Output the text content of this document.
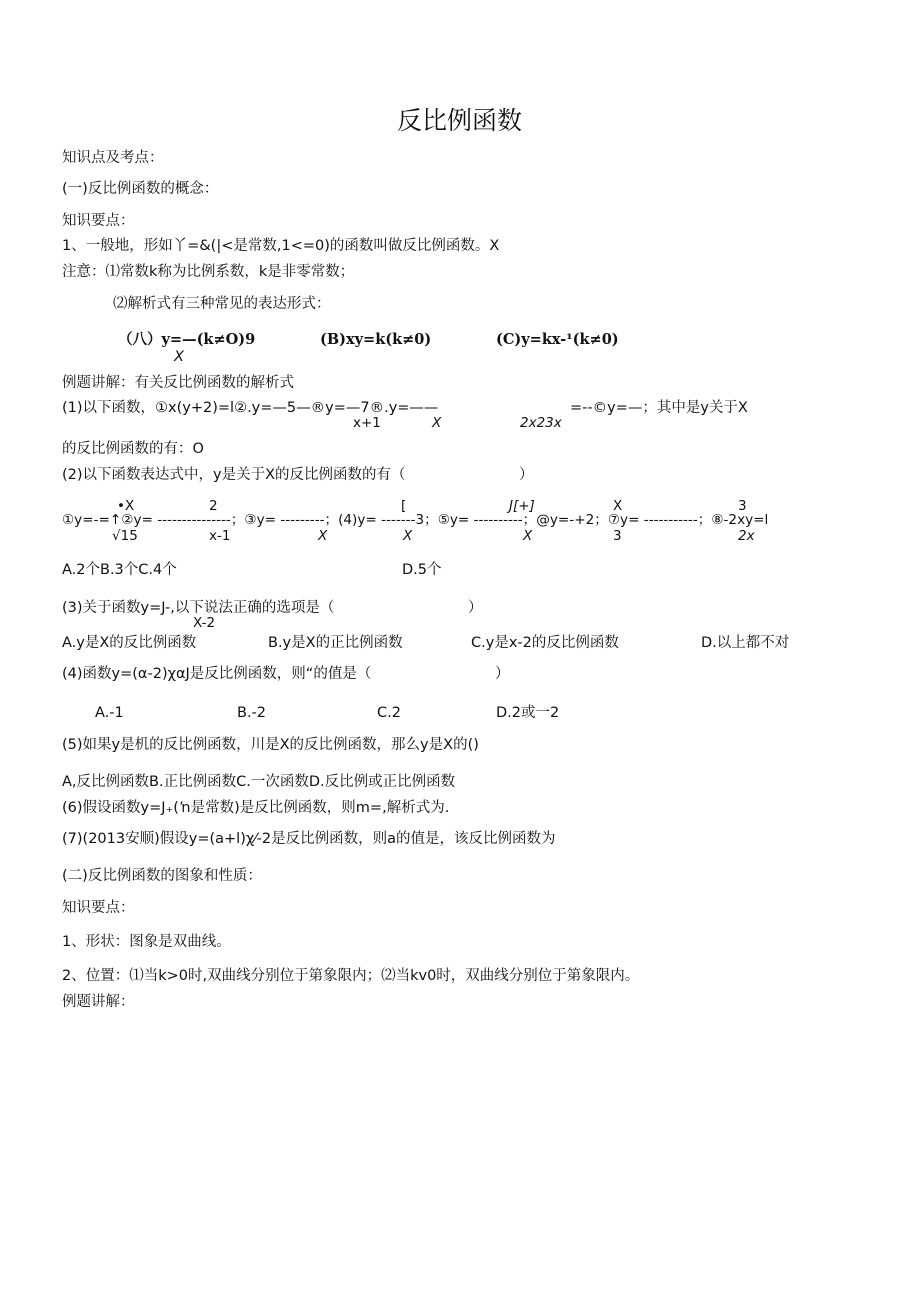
反比例函数
知识点及考点：
(一)反比例函数的概念：
知识要点：
1、一般地，形如丫=&(|<是常数,1<=0)的函数叫做反比例函数。X
注意：⑴常数k称为比例系数，k是非零常数；
⑵解析式有三种常见的表达形式：
（八）y=—(k≠O)9
X
(B)xy=k(k≠0)	(C)y=kx-¹(k≠0)
例题讲解：有关反比例函数的解析式
(1)以下函数，①x(y+2)=l②.y=—5—®y=—7®.y=——
x+1	X	2x23x
=--©y=—；其中是y关于X
的反比例函数的有：O
(2)以下函数表达式中，y是关于X的反比例函数的有（	）
•X	2	[	J[+]	X	3
①y=-=↑②y= ---------------；③y= ---------；(4)y= -------3；⑤y= ----------；@y=-+2；⑦y= -----------；⑧-2xy=l
√15	x-1	X	X	X	3	2x
A.2个B.3个C.4个	D.5个
(3)关于函数y=J-,以下说法正确的选项是（	）
X-2
A.y是X的反比例函数	B.y是X的正比例函数	C.y是x-2的反比例函数	D.以上都不对
(4)函数y=(α-2)χαJ是反比例函数，则“的值是（	）
A.-1	B.-2	C.2	D.2或一2
(5)如果y是机的反比例函数，川是X的反比例函数，那么y是X的()
A,反比例函数B.正比例函数C.一次函数D.反比例或正比例函数
(6)假设函数y=J₊(ŉ是常数)是反比例函数，则m=,解析式为.
(7)(2013安顺)假设y=(a+l)χ⁄-2是反比例函数，则a的值是，该反比例函数为
(二)反比例函数的图象和性质：
知识要点：
1、形状：图象是双曲线。
2、位置：⑴当k>0时,双曲线分别位于第象限内；⑵当kv0时，双曲线分别位于第象限内。
例题讲解：
